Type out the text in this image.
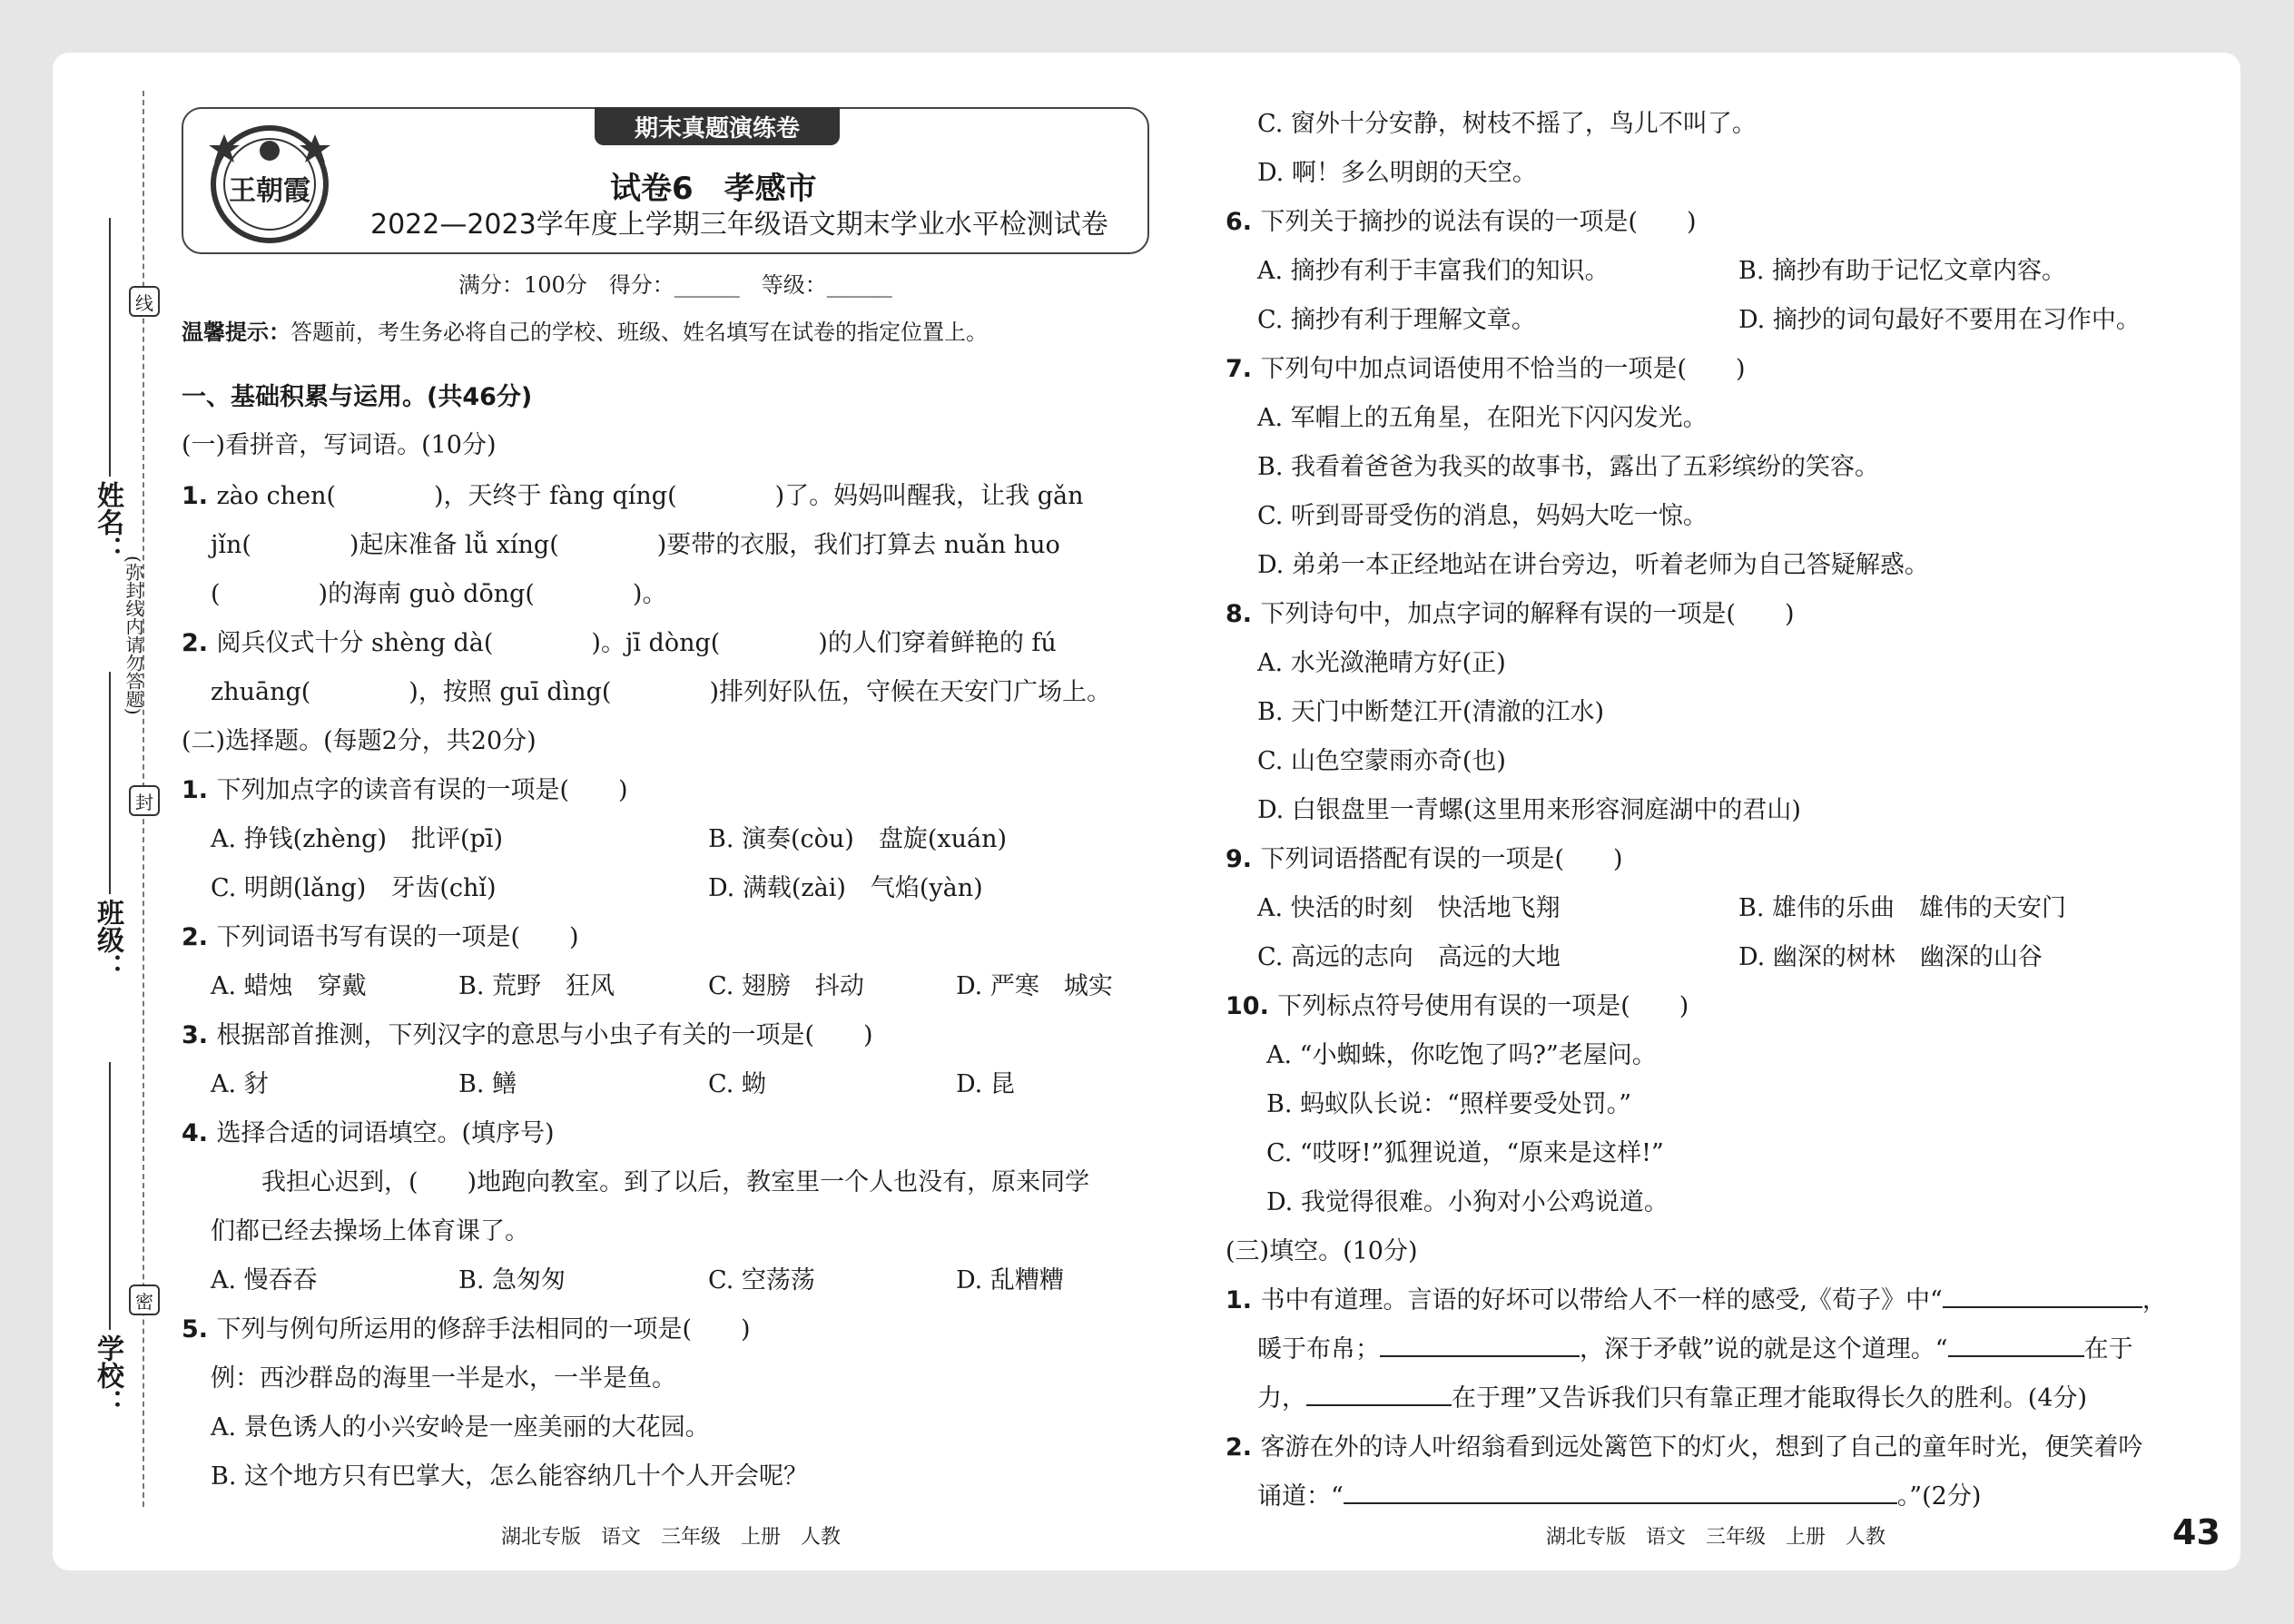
姓名：
班级：
学校：
线
封
密
(弥封线内请勿答题)
期末真题演练卷
王朝霞	试卷6　孝感市
2022—2023学年度上学期三年级语文期末学业水平检测试卷
满分：100分　得分：______　等级：______
温馨提示：答题前，考生务必将自己的学校、班级、姓名填写在试卷的指定位置上。
一、基础积累与运用。(共46分)
(一)看拼音，写词语。(10分)
1. zào chen(　　　　)，天终于 fàng qíng(　　　　)了。妈妈叫醒我，让我 gǎn
jǐn(　　　　)起床准备 lǚ xíng(　　　　)要带的衣服，我们打算去 nuǎn huo
(　　　　)的海南 guò dōng(　　　　)。
2. 阅兵仪式十分 shèng dà(　　　　)。jī dòng(　　　　)的人们穿着鲜艳的 fú
zhuāng(　　　　)，按照 guī dìng(　　　　)排列好队伍，守候在天安门广场上。
(二)选择题。(每题2分，共20分)
1. 下列加点字的读音有误的一项是(　　)
A. 挣钱(zhèng)　批评(pī)	B. 演奏(còu)　盘旋(xuán)
C. 明朗(lǎng)　牙齿(chǐ)	D. 满载(zài)　气焰(yàn)
2. 下列词语书写有误的一项是(　　)
A. 蜡烛　穿戴	B. 荒野　狂风	C. 翅膀　抖动	D. 严寒　城实
3. 根据部首推测，下列汉字的意思与小虫子有关的一项是(　　)
A. 豺	B. 鳝	C. 蚴	D. 昆
4. 选择合适的词语填空。(填序号)
我担心迟到，(　　)地跑向教室。到了以后，教室里一个人也没有，原来同学
们都已经去操场上体育课了。
A. 慢吞吞	B. 急匆匆	C. 空荡荡	D. 乱糟糟
5. 下列与例句所运用的修辞手法相同的一项是(　　)
例：西沙群岛的海里一半是水，一半是鱼。
A. 景色诱人的小兴安岭是一座美丽的大花园。
B. 这个地方只有巴掌大，怎么能容纳几十个人开会呢？
C. 窗外十分安静，树枝不摇了，鸟儿不叫了。
D. 啊！多么明朗的天空。
6. 下列关于摘抄的说法有误的一项是(　　)
A. 摘抄有利于丰富我们的知识。	B. 摘抄有助于记忆文章内容。
C. 摘抄有利于理解文章。	D. 摘抄的词句最好不要用在习作中。
7. 下列句中加点词语使用不恰当的一项是(　　)
A. 军帽上的五角星，在阳光下闪闪发光。
B. 我看着爸爸为我买的故事书，露出了五彩缤纷的笑容。
C. 听到哥哥受伤的消息，妈妈大吃一惊。
D. 弟弟一本正经地站在讲台旁边，听着老师为自己答疑解惑。
8. 下列诗句中，加点字词的解释有误的一项是(　　)
A. 水光潋滟晴方好(正)
B. 天门中断楚江开(清澈的江水)
C. 山色空蒙雨亦奇(也)
D. 白银盘里一青螺(这里用来形容洞庭湖中的君山)
9. 下列词语搭配有误的一项是(　　)
A. 快活的时刻　快活地飞翔	B. 雄伟的乐曲　雄伟的天安门
C. 高远的志向　高远的大地	D. 幽深的树林　幽深的山谷
10. 下列标点符号使用有误的一项是(　　)
A. “小蜘蛛，你吃饱了吗?”老屋问。
B. 蚂蚁队长说：“照样要受处罚。”
C. “哎呀!”狐狸说道，“原来是这样!”
D. 我觉得很难。小狗对小公鸡说道。
(三)填空。(10分)
1. 书中有道理。言语的好坏可以带给人不一样的感受,《荀子》中“	，
暖于布帛；	，深于矛戟”说的就是这个道理。“	在于
力，	在于理”又告诉我们只有靠正理才能取得长久的胜利。(4分)
2. 客游在外的诗人叶绍翁看到远处篱笆下的灯火，想到了自己的童年时光，便笑着吟
诵道：“	。”(2分)
湖北专版　语文　三年级　上册　人教	湖北专版　语文　三年级　上册　人教	43
